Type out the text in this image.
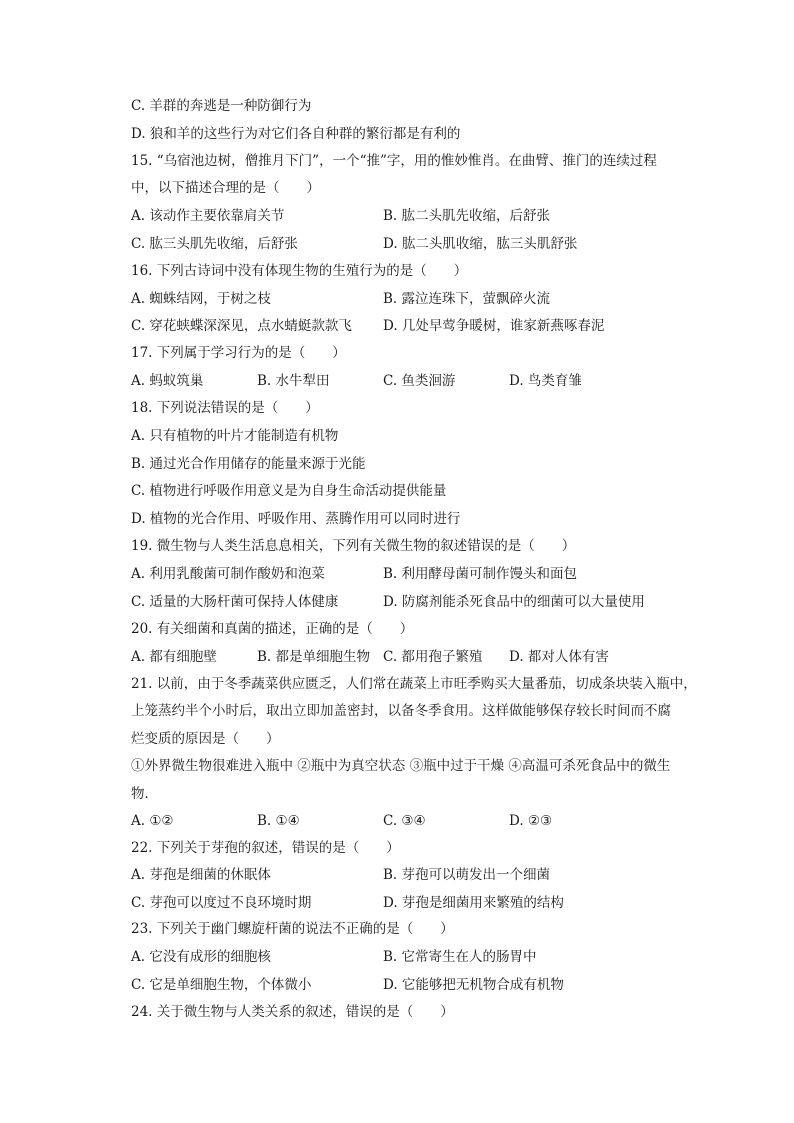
C. 羊群的奔逃是一种防御行为
D. 狼和羊的这些行为对它们各自种群的繁衍都是有利的
15. “乌宿池边树，僧推月下门”，一个“推”字，用的惟妙惟肖。在曲臂、推门的连续过程
中，以下描述合理的是（　　）
A. 该动作主要依靠肩关节	B. 肱二头肌先收缩，后舒张
C. 肱三头肌先收缩，后舒张	D. 肱二头肌收缩，肱三头肌舒张
16. 下列古诗词中没有体现生物的生殖行为的是（　　）
A. 蜘蛛结网，于树之枝	B. 露泣连珠下，萤飘碎火流
C. 穿花蛱蝶深深见，点水蜻蜓款款飞 D. 几处早莺争暖树，谁家新燕啄春泥
17. 下列属于学习行为的是（　　）
A. 蚂蚁筑巢	B. 水牛犁田	C. 鱼类洄游	D. 鸟类育雏
18. 下列说法错误的是（　　）
A. 只有植物的叶片才能制造有机物
B. 通过光合作用储存的能量来源于光能
C. 植物进行呼吸作用意义是为自身生命活动提供能量
D. 植物的光合作用、呼吸作用、蒸腾作用可以同时进行
19. 微生物与人类生活息息相关，下列有关微生物的叙述错误的是（　　）
A. 利用乳酸菌可制作酸奶和泡菜	B. 利用酵母菌可制作馒头和面包
C. 适量的大肠杆菌可保持人体健康	D. 防腐剂能杀死食品中的细菌可以大量使用
20. 有关细菌和真菌的描述，正确的是（　　）
A. 都有细胞壁	B. 都是单细胞生物 C. 都用孢子繁殖 D. 都对人体有害
21. 以前，由于冬季蔬菜供应匮乏，人们常在蔬菜上市旺季购买大量番茄，切成条块装入瓶中，
上笼蒸约半个小时后，取出立即加盖密封，以备冬季食用。这样做能够保存较长时间而不腐
烂变质的原因是（　　）
①外界微生物很难进入瓶中 ②瓶中为真空状态 ③瓶中过于干燥 ④高温可杀死食品中的微生
物．
A. ①②	B. ①④	C. ③④	D. ②③
22. 下列关于芽孢的叙述，错误的是（　　）
A. 芽孢是细菌的休眠体	B. 芽孢可以萌发出一个细菌
C. 芽孢可以度过不良环境时期	D. 芽孢是细菌用来繁殖的结构
23. 下列关于幽门螺旋杆菌的说法不正确的是（　　）
A. 它没有成形的细胞核	B. 它常寄生在人的肠胃中
C. 它是单细胞生物，个体微小	D. 它能够把无机物合成有机物
24. 关于微生物与人类关系的叙述，错误的是（　　）
